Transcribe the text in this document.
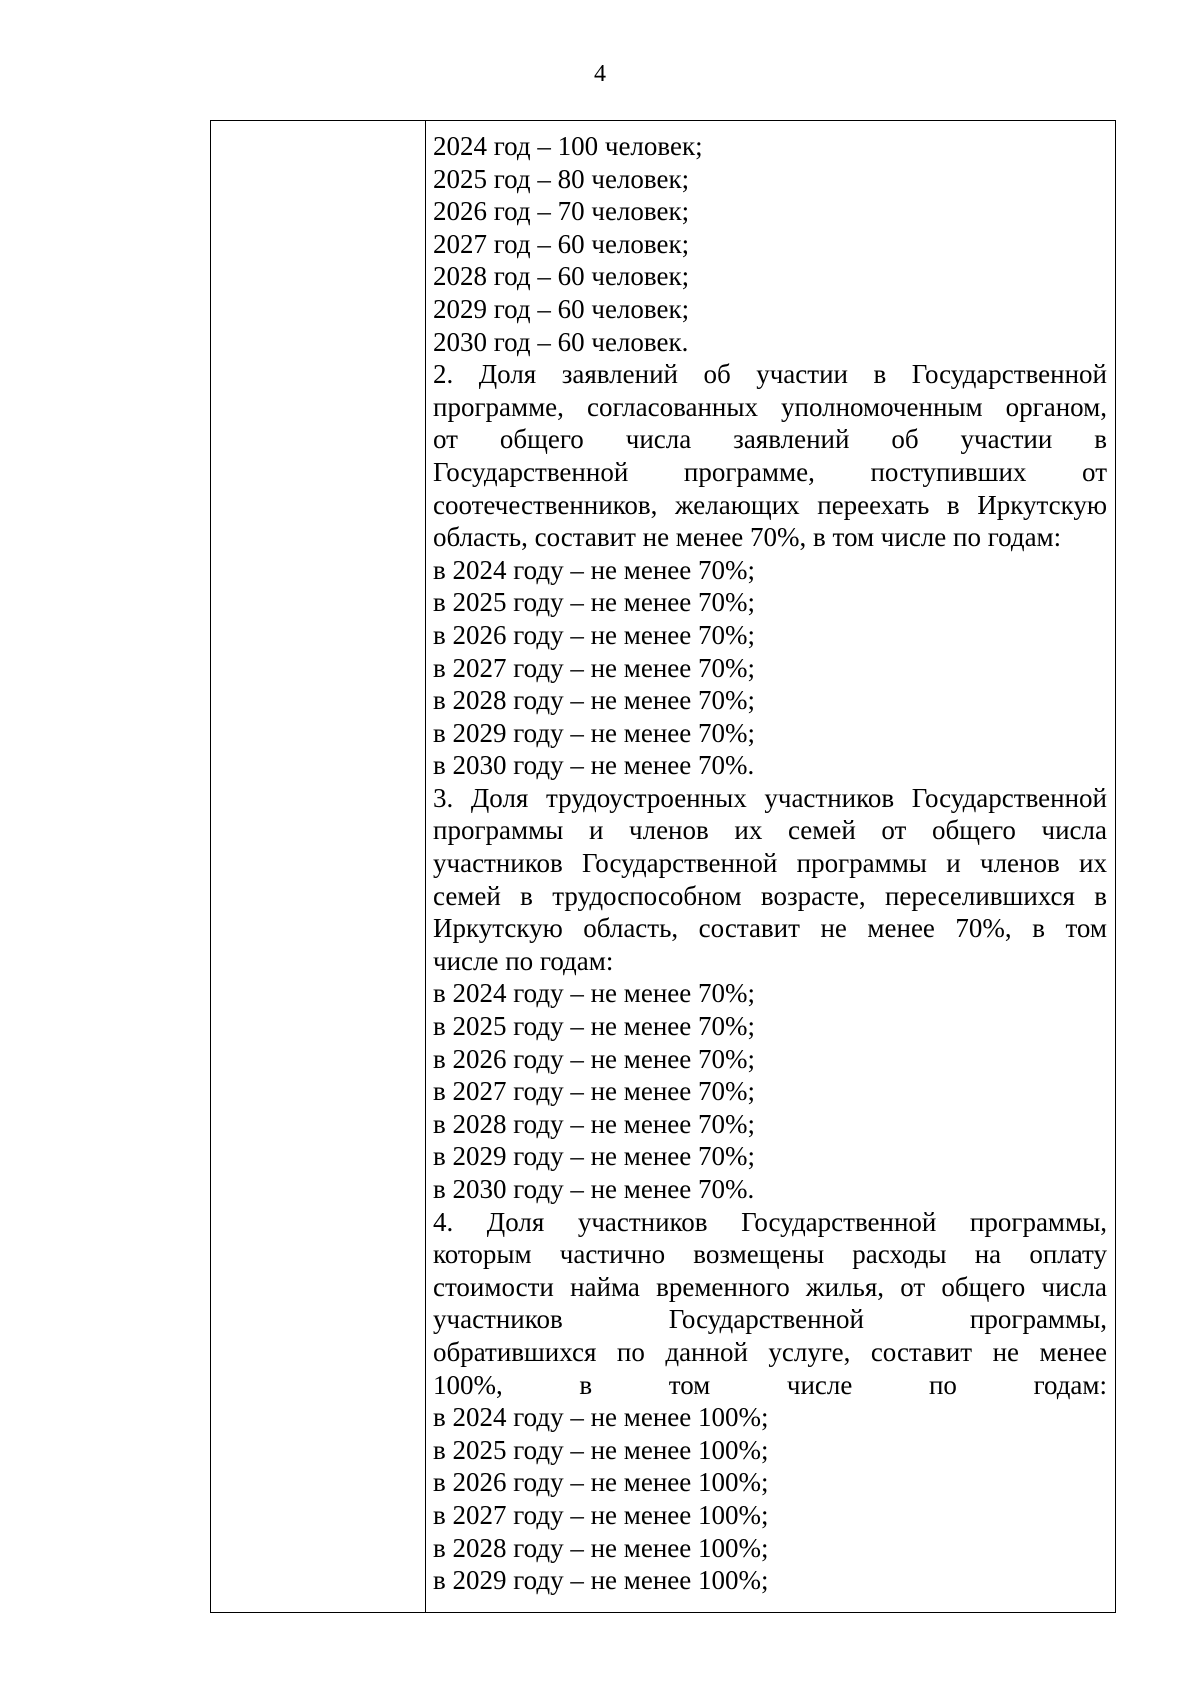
4
2024 год – 100 человек;
2025 год – 80 человек;
2026 год – 70 человек;
2027 год – 60 человек;
2028 год – 60 человек;
2029 год – 60 человек;
2030 год – 60 человек.
2. Доля заявлений об участии в Государственной
программе, согласованных уполномоченным органом,
от общего числа заявлений об участии в
Государственной программе, поступивших от
соотечественников, желающих переехать в Иркутскую
область, составит не менее 70%, в том числе по годам:
в 2024 году – не менее 70%;
в 2025 году – не менее 70%;
в 2026 году – не менее 70%;
в 2027 году – не менее 70%;
в 2028 году – не менее 70%;
в 2029 году – не менее 70%;
в 2030 году – не менее 70%.
3. Доля трудоустроенных участников Государственной
программы и членов их семей от общего числа
участников Государственной программы и членов их
семей в трудоспособном возрасте, переселившихся в
Иркутскую область, составит не менее 70%, в том
числе по годам:
в 2024 году – не менее 70%;
в 2025 году – не менее 70%;
в 2026 году – не менее 70%;
в 2027 году – не менее 70%;
в 2028 году – не менее 70%;
в 2029 году – не менее 70%;
в 2030 году – не менее 70%.
4. Доля участников Государственной программы,
которым частично возмещены расходы на оплату
стоимости найма временного жилья, от общего числа
участников Государственной программы,
обратившихся по данной услуге, составит не менее
100%, в том числе по годам:
в 2024 году – не менее 100%;
в 2025 году – не менее 100%;
в 2026 году – не менее 100%;
в 2027 году – не менее 100%;
в 2028 году – не менее 100%;
в 2029 году – не менее 100%;
